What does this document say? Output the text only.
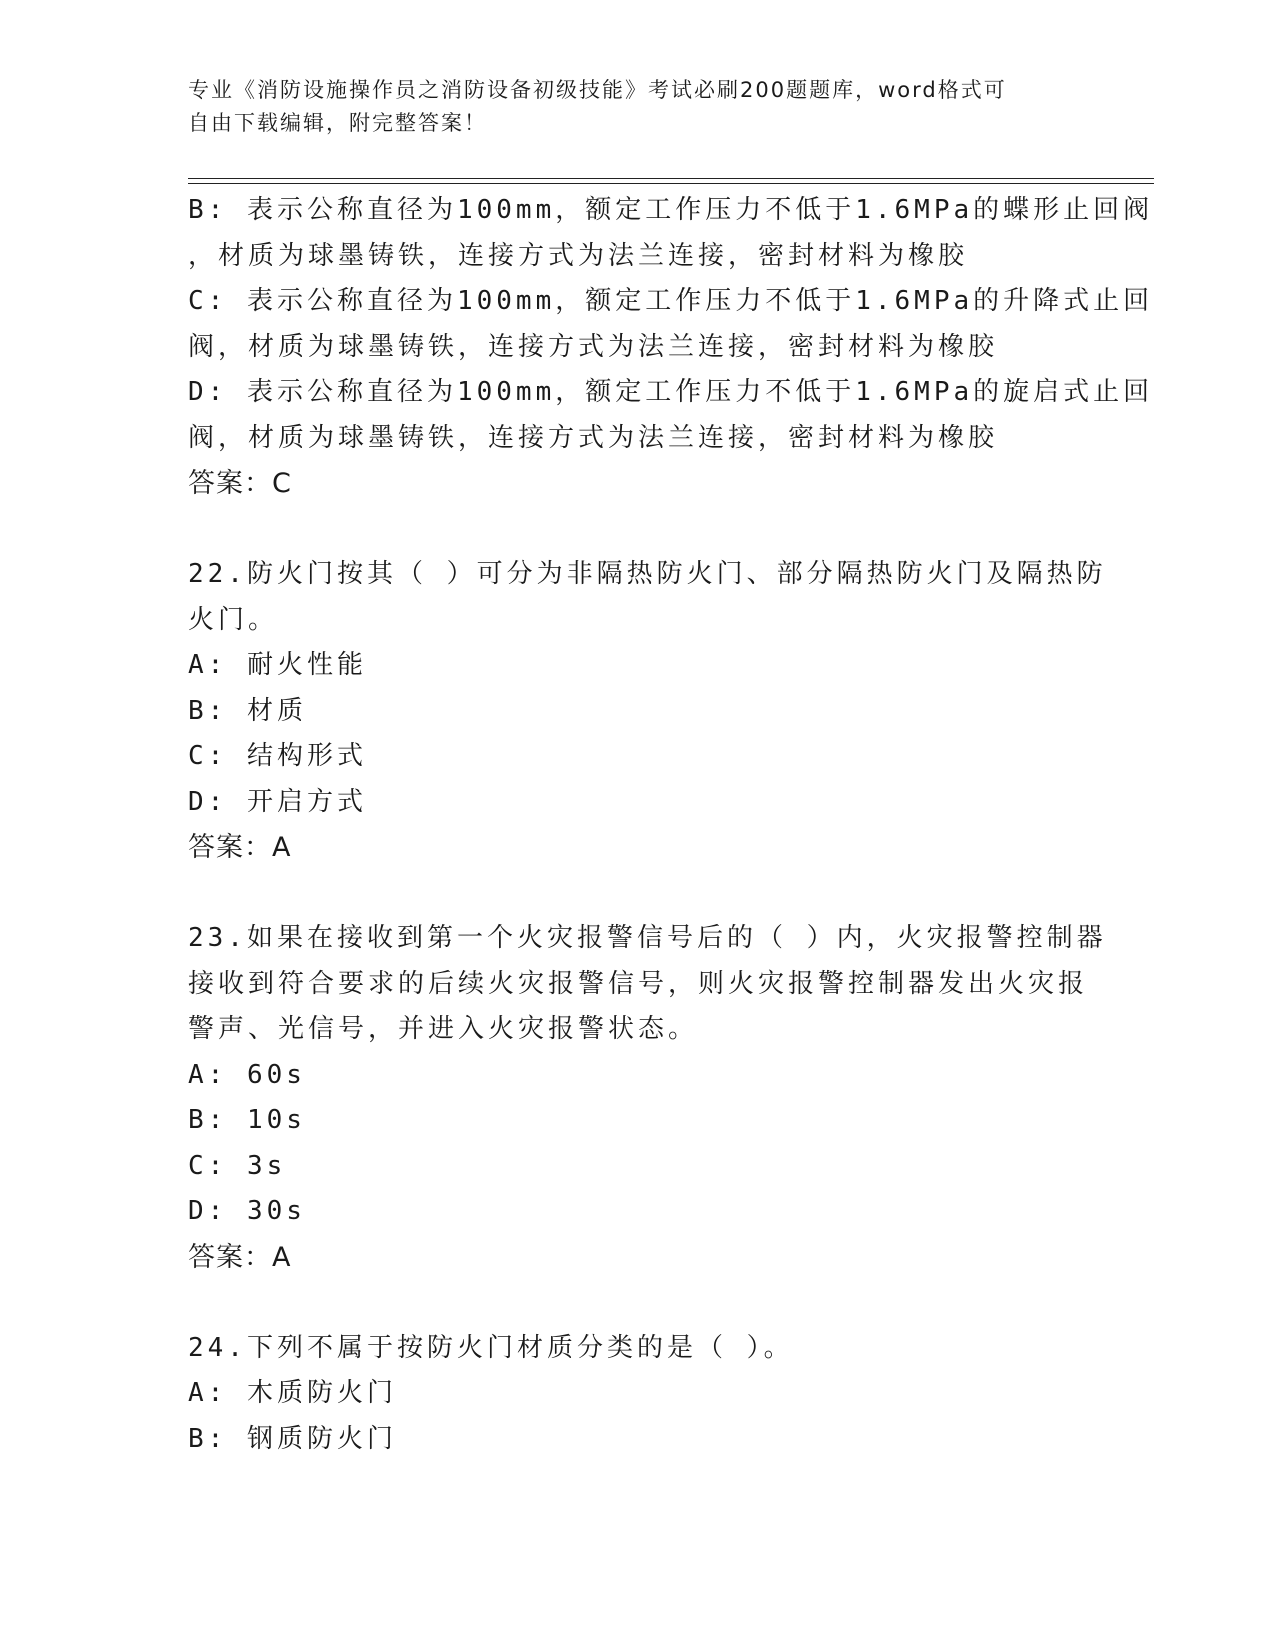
专业《消防设施操作员之消防设备初级技能》考试必刷200题题库，word格式可
自由下载编辑，附完整答案！
B: 表示公称直径为100mm，额定工作压力不低于1.6MPa的蝶形止回阀
，材质为球墨铸铁，连接方式为法兰连接，密封材料为橡胶
C: 表示公称直径为100mm，额定工作压力不低于1.6MPa的升降式止回
阀，材质为球墨铸铁，连接方式为法兰连接，密封材料为橡胶
D: 表示公称直径为100mm，额定工作压力不低于1.6MPa的旋启式止回
阀，材质为球墨铸铁，连接方式为法兰连接，密封材料为橡胶
答案：C
22.防火门按其（ ）可分为非隔热防火门、部分隔热防火门及隔热防
火门。
A: 耐火性能
B: 材质
C: 结构形式
D: 开启方式
答案：A
23.如果在接收到第一个火灾报警信号后的（ ）内，火灾报警控制器
接收到符合要求的后续火灾报警信号，则火灾报警控制器发出火灾报
警声、光信号，并进入火灾报警状态。
A: 60s
B: 10s
C: 3s
D: 30s
答案：A
24.下列不属于按防火门材质分类的是（ ）。
A: 木质防火门
B: 钢质防火门
